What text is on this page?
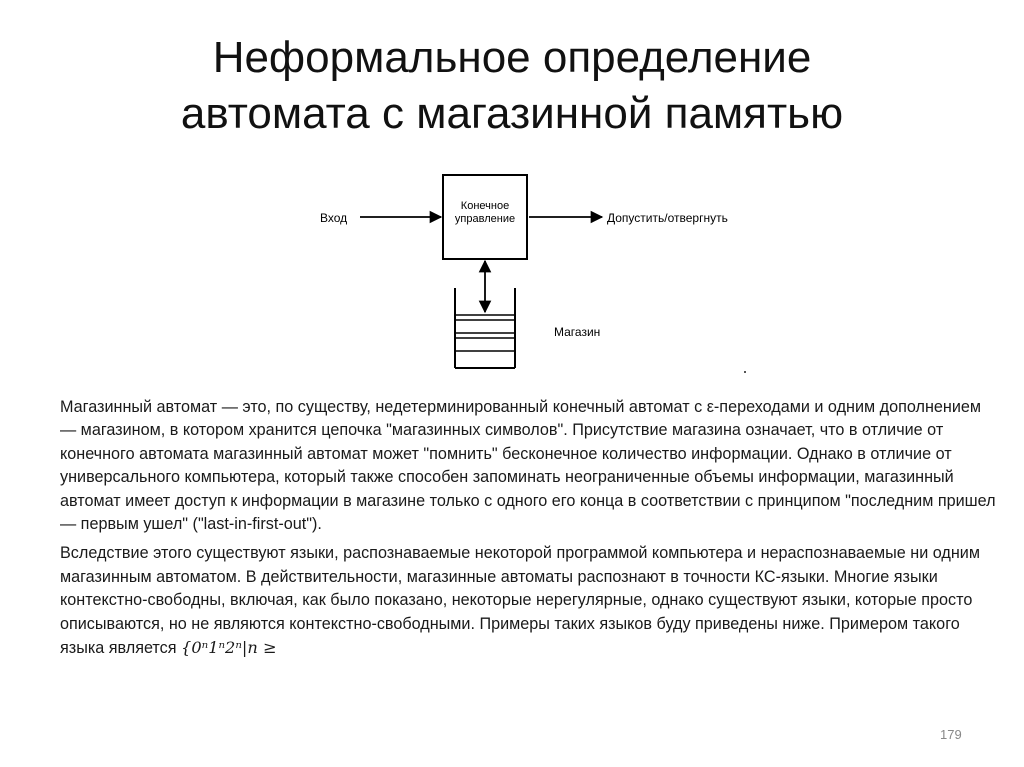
Неформальное определение
автомата с магазинной памятью
Вход
Конечное
управление	Допустить/отвергнуть
Магазин

Магазинный автомат — это, по существу, недетерминированный конечный автомат с ε-переходами и одним дополнением — магазином, в котором хранится цепочка "магазинных символов". Присутствие магазина означает, что в отличие от конечного автомата магазинный автомат может "помнить" бесконечное количество информации. Однако в отличие от универсального компьютера, который также способен запоминать неограниченные объемы информации, магазинный автомат имеет доступ к информации в магазине только с одного его конца в соответствии с принципом "последним пришел — первым ушел" ("last-in-first-out").

Вследствие этого существуют языки, распознаваемые некоторой программой компьютера и нераспознаваемые ни одним магазинным автоматом. В действительности, магазинные автоматы распознают в точности КС-языки. Многие языки контекстно-свободны, включая, как было показано, некоторые нерегулярные, однако существуют языки, которые просто описываются, но не являются контекстно-свободными. Примеры таких языков буду приведены ниже. Примером такого языка является {0ⁿ1ⁿ2ⁿ|n ≥

179
